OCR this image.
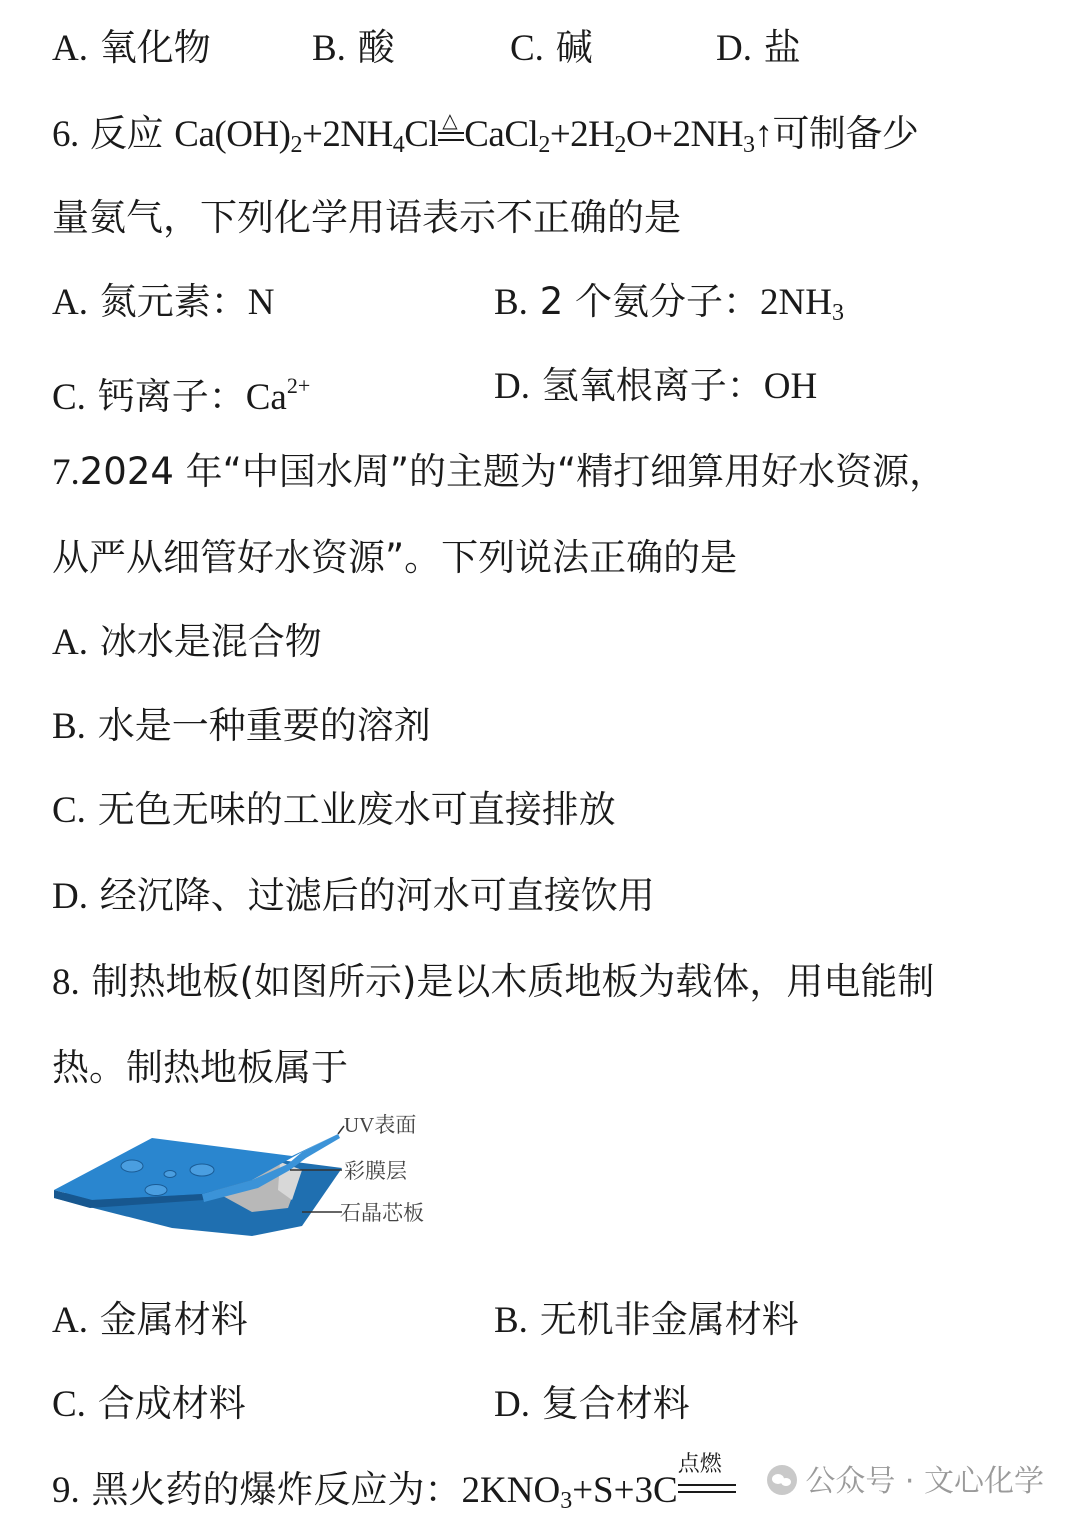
A. 氧化物	B. 酸	C. 碱	D. 盐
6. 反应 $Ca(OH)_2+2NH_4Cl$ △ $CaCl_2+2H_2O+2NH_3↑$可制备少
量氨气，下列化学用语表示不正确的是
A. 氮元素：N	B. 2 个氨分子：$2NH_3$
C. 钙离子：$Ca^{2+}$	D. 氢氧根离子：OH
7.2024 年“中国水周”的主题为“精打细算用好水资源，
从严从细管好水资源”。下列说法正确的是
A. 冰水是混合物
B. 水是一种重要的溶剂
C. 无色无味的工业废水可直接排放
D. 经沉降、过滤后的河水可直接饮用
8. 制热地板(如图所示)是以木质地板为载体，用电能制
热。制热地板属于
UV表面
彩膜层
石晶芯板
A. 金属材料	B. 无机非金属材料
C. 合成材料	D. 复合材料
9. 黑火药的爆炸反应为：$2KNO_3+S+3C$
点燃	公众号 · 文心化学
